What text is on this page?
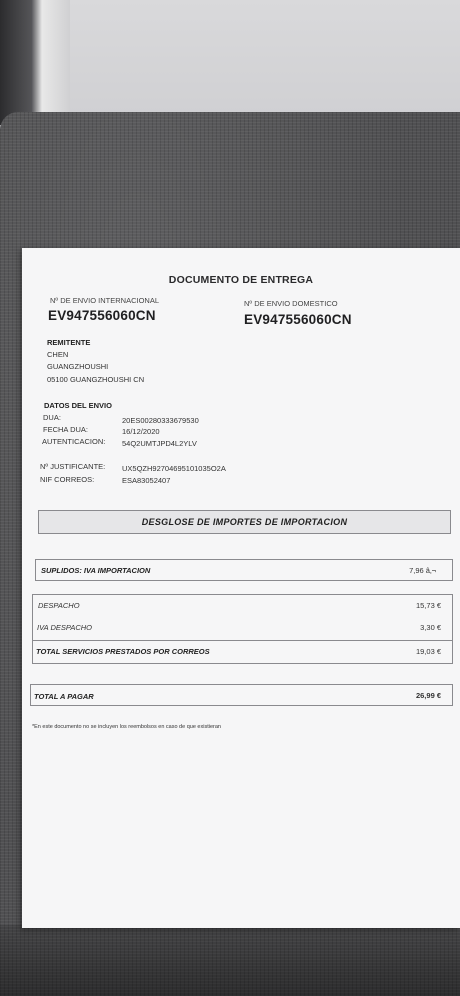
DOCUMENTO DE ENTREGA
Nº DE ENVIO INTERNACIONAL
EV947556060CN
Nº DE ENVIO DOMESTICO
EV947556060CN
REMITENTE
CHEN
GUANGZHOUSHI
05100 GUANGZHOUSHI CN
DATOS DEL ENVIO
DUA:	20ES00280333679530
FECHA DUA:	16/12/2020
AUTENTICACION: 54Q2UMTJPD4L2YLV
Nº JUSTIFICANTE: UX5QZH92704695101035O2A
NIF CORREOS:	ESA83052407
DESGLOSE DE IMPORTES DE IMPORTACION
SUPLIDOS: IVA IMPORTACION	7,96 â‚¬
DESPACHO	15,73 €
IVA DESPACHO	3,30 €
TOTAL SERVICIOS PRESTADOS POR CORREOS	19,03 €
TOTAL A PAGAR	26,99 €
*En este documento no se incluyen los reembolsos en caso de que existieran
